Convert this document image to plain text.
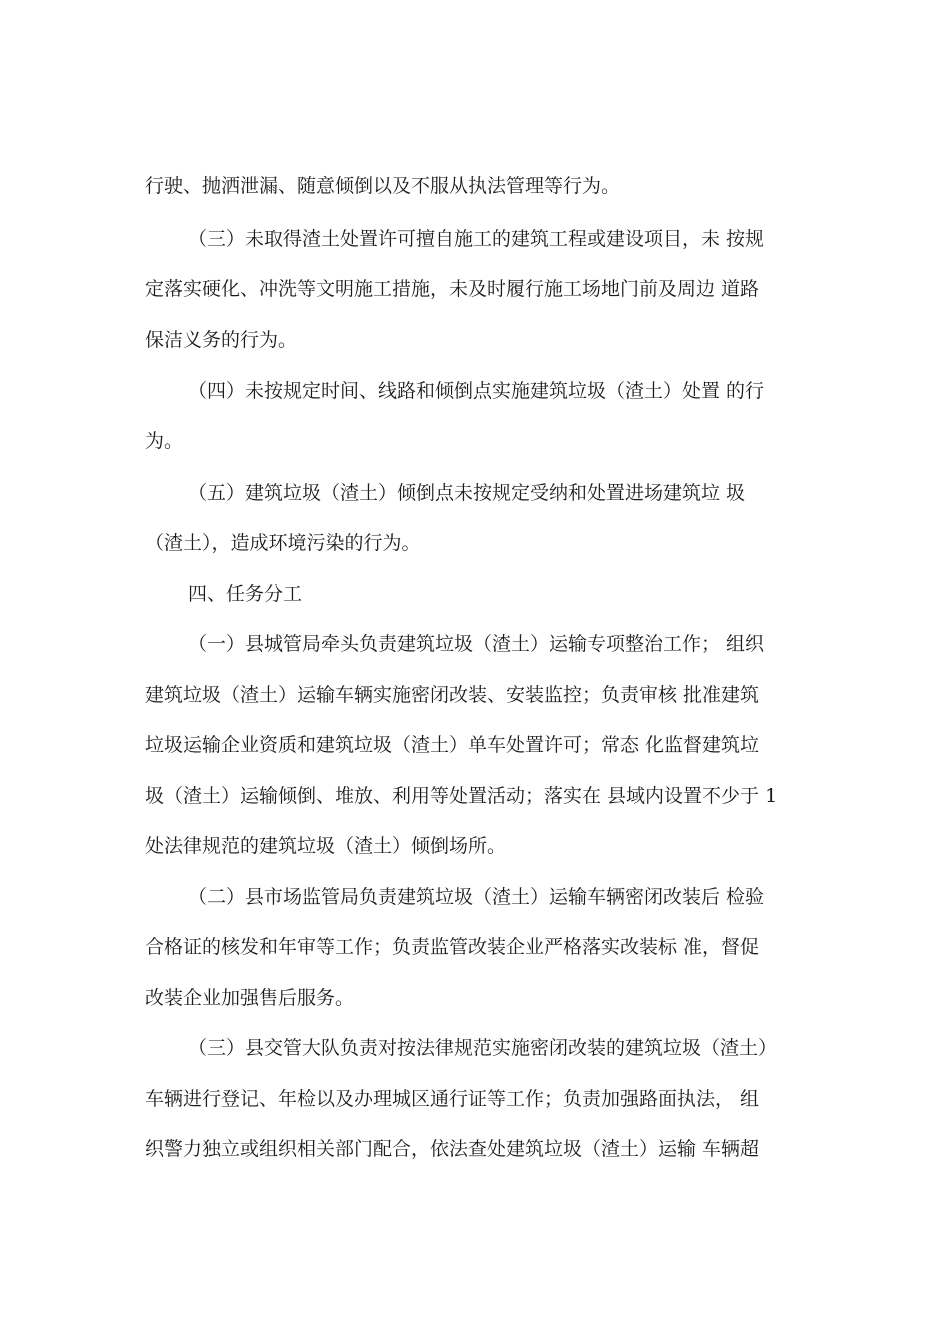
行驶、抛洒泄漏、随意倾倒以及不服从执法管理等行为。
（三）未取得渣土处置许可擅自施工的建筑工程或建设项目，未 按规
定落实硬化、冲洗等文明施工措施，未及时履行施工场地门前及周边 道路
保洁义务的行为。
（四）未按规定时间、线路和倾倒点实施建筑垃圾（渣土）处置 的行
为。
（五）建筑垃圾（渣土）倾倒点未按规定受纳和处置进场建筑垃 圾
（渣土），造成环境污染的行为。
四、任务分工
（一）县城管局牵头负责建筑垃圾（渣土）运输专项整治工作； 组织
建筑垃圾（渣土）运输车辆实施密闭改装、安装监控；负责审核 批准建筑
垃圾运输企业资质和建筑垃圾（渣土）单车处置许可；常态 化监督建筑垃
圾（渣土）运输倾倒、堆放、利用等处置活动；落实在 县域内设置不少于 1
处法律规范的建筑垃圾（渣土）倾倒场所。
（二）县市场监管局负责建筑垃圾（渣土）运输车辆密闭改装后 检验
合格证的核发和年审等工作；负责监管改装企业严格落实改装标 准，督促
改装企业加强售后服务。
（三）县交管大队负责对按法律规范实施密闭改装的建筑垃圾（渣土）
车辆进行登记、年检以及办理城区通行证等工作；负责加强路面执法， 组
织警力独立或组织相关部门配合，依法查处建筑垃圾（渣土）运输 车辆超
